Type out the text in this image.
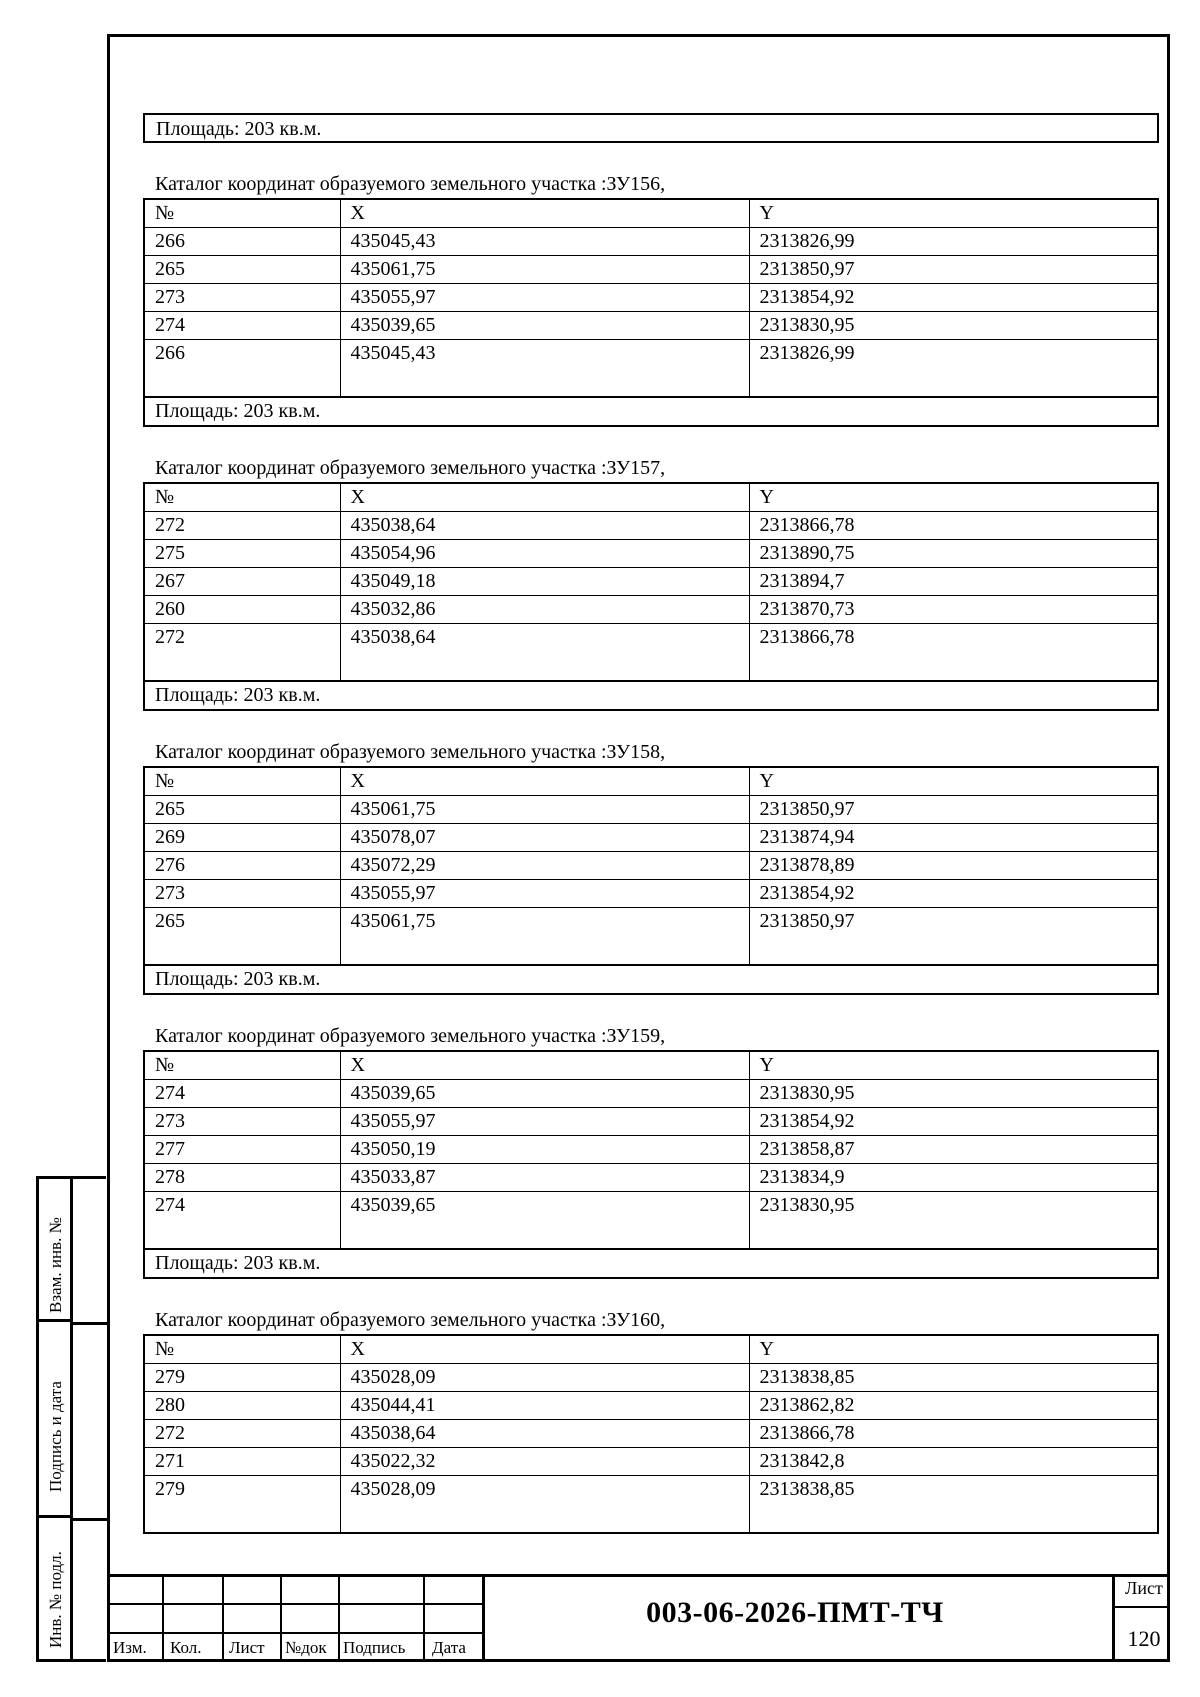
Площадь: 203 кв.м.
Каталог координат образуемого земельного участка :ЗУ156,
№	X	Y
266	435045,43	2313826,99
265	435061,75	2313850,97
273	435055,97	2313854,92
274	435039,65	2313830,95
266	435045,43	2313826,99
Площадь: 203 кв.м.		
Каталог координат образуемого земельного участка :ЗУ157,
№	X	Y
272	435038,64	2313866,78
275	435054,96	2313890,75
267	435049,18	2313894,7
260	435032,86	2313870,73
272	435038,64	2313866,78
Площадь: 203 кв.м.		
Каталог координат образуемого земельного участка :ЗУ158,
№	X	Y
265	435061,75	2313850,97
269	435078,07	2313874,94
276	435072,29	2313878,89
273	435055,97	2313854,92
265	435061,75	2313850,97
Площадь: 203 кв.м.		
Каталог координат образуемого земельного участка :ЗУ159,
№	X	Y
274	435039,65	2313830,95
273	435055,97	2313854,92
277	435050,19	2313858,87
278	435033,87	2313834,9
274	435039,65	2313830,95
Площадь: 203 кв.м.		
Каталог координат образуемого земельного участка :ЗУ160,
№	X	Y
279	435028,09	2313838,85
280	435044,41	2313862,82
272	435038,64	2313866,78
271	435022,32	2313842,8
279	435028,09	2313838,85
Взам. инв. №
Подпись и дата
Инв. № подл.	Изм. Кол. Лист №док Подпись Дата
003-06-2026-ПМТ-ТЧ
Лист
120
